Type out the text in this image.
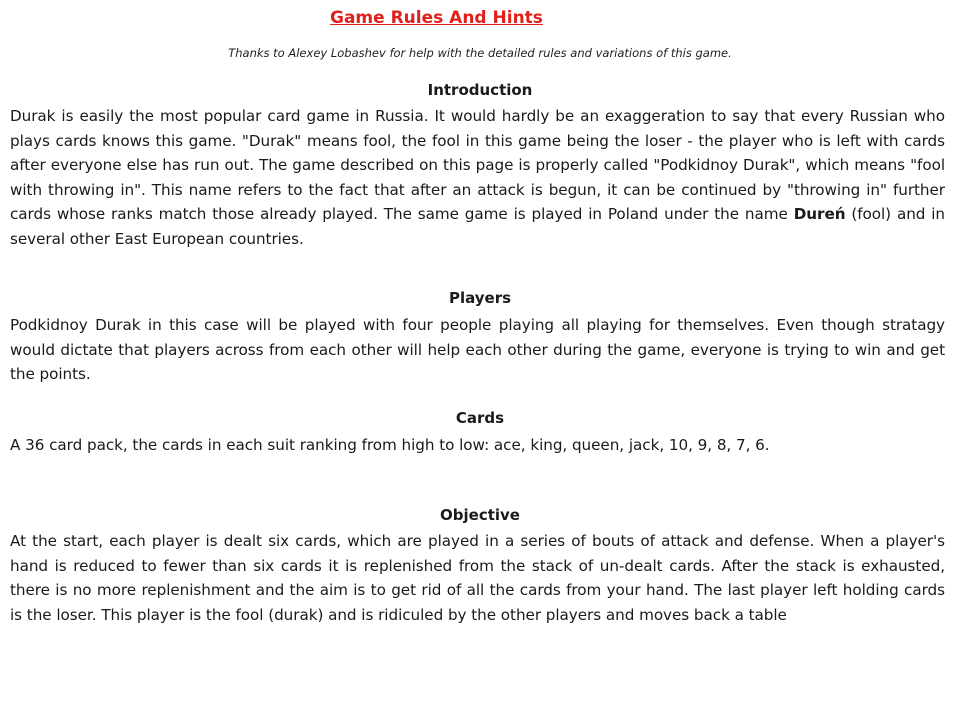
Game Rules And Hints
Thanks to Alexey Lobashev for help with the detailed rules and variations of this game.
Introduction
Durak is easily the most popular card game in Russia. It would hardly be an exaggeration to say that every Russian who plays cards knows this game. "Durak" means fool, the fool in this game being the loser - the player who is left with cards after everyone else has run out. The game described on this page is properly called "Podkidnoy Durak", which means "fool with throwing in". This name refers to the fact that after an attack is begun, it can be continued by "throwing in" further cards whose ranks match those already played. The same game is played in Poland under the name Dureń (fool) and in several other East European countries.
Players
Podkidnoy Durak in this case will be played with four people playing all playing for themselves. Even though stratagy would dictate that players across from each other will help each other during the game, everyone is trying to win and get the points.
Cards
A 36 card pack, the cards in each suit ranking from high to low: ace, king, queen, jack, 10, 9, 8, 7, 6.
Objective
At the start, each player is dealt six cards, which are played in a series of bouts of attack and defense. When a player's hand is reduced to fewer than six cards it is replenished from the stack of un-dealt cards. After the stack is exhausted, there is no more replenishment and the aim is to get rid of all the cards from your hand. The last player left holding cards is the loser. This player is the fool (durak) and is ridiculed by the other players and moves back a table
